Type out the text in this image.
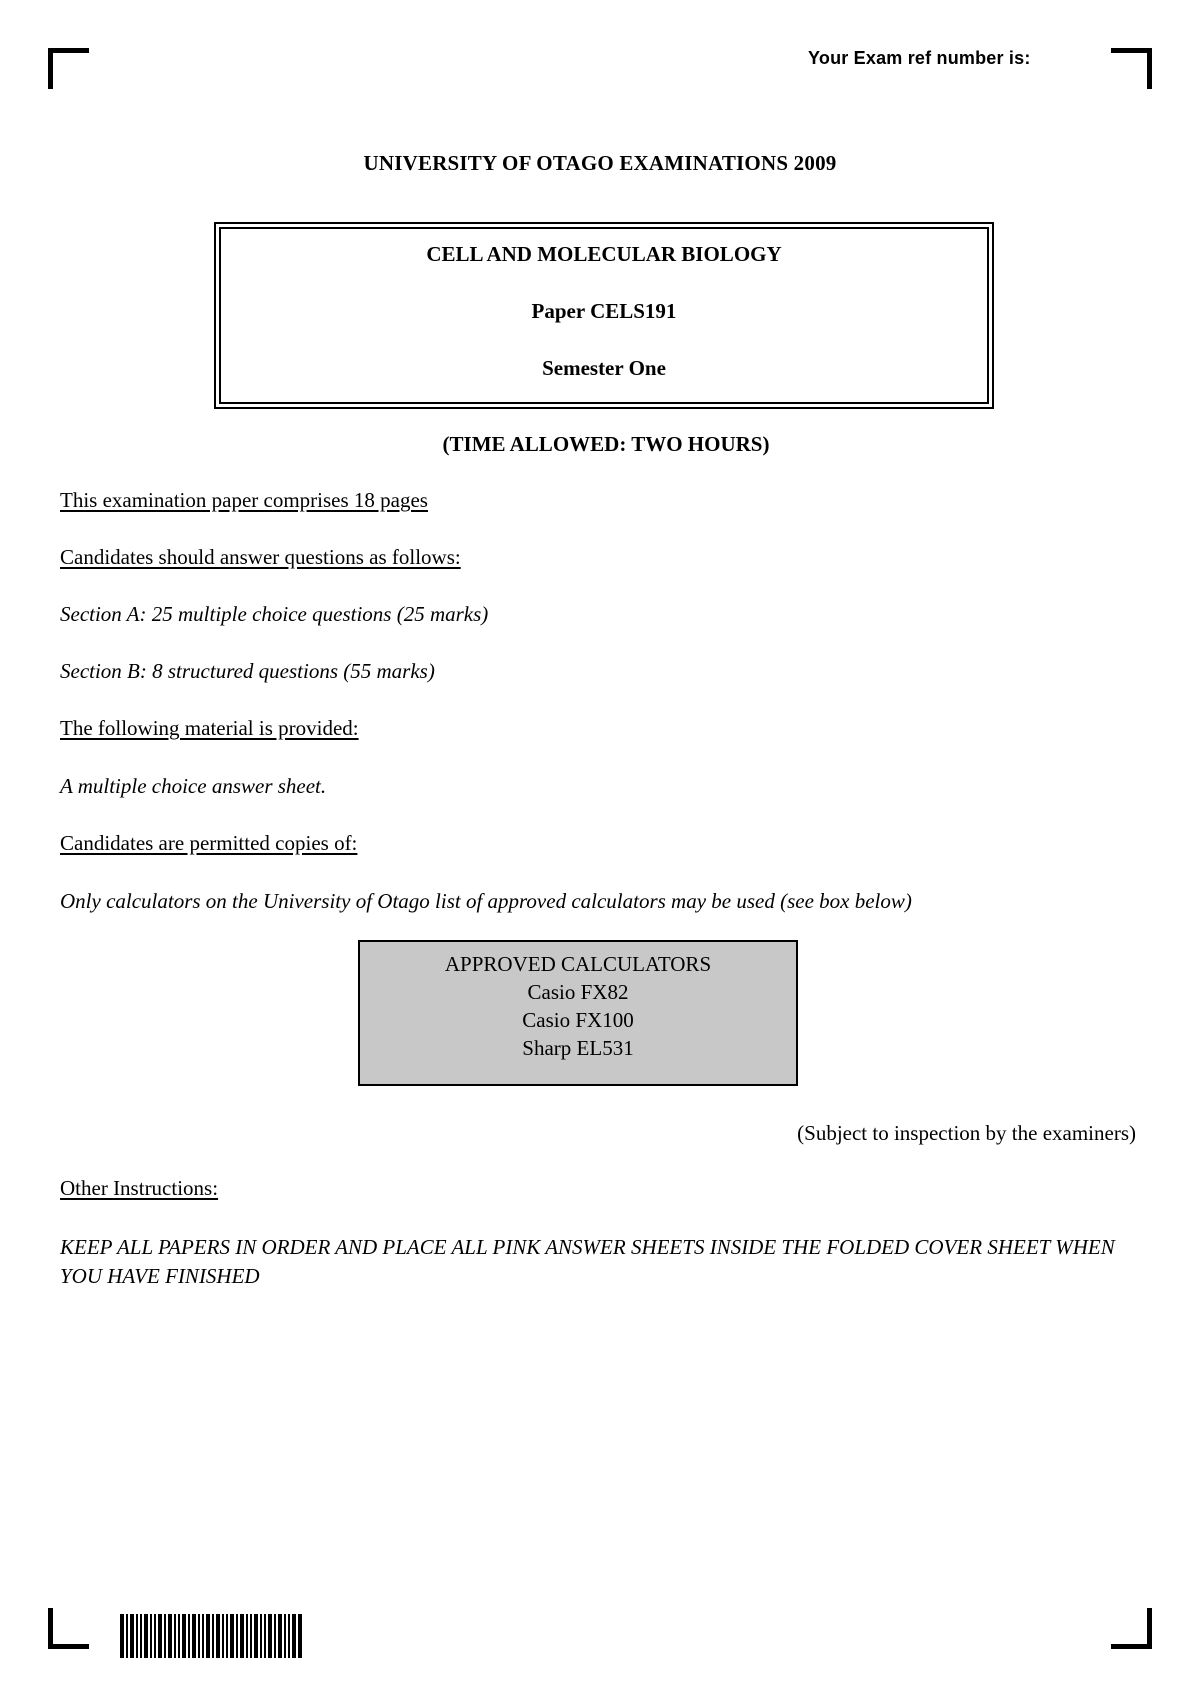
Your Exam ref number is:
UNIVERSITY OF OTAGO EXAMINATIONS 2009
CELL AND MOLECULAR BIOLOGY
Paper CELS191
Semester One
(TIME ALLOWED: TWO HOURS)
This examination paper comprises 18 pages
Candidates should answer questions as follows:
Section A: 25 multiple choice questions (25 marks)
Section B: 8 structured questions (55 marks)
The following material is provided:
A multiple choice answer sheet.
Candidates are permitted copies of:
Only calculators on the University of Otago list of approved calculators may be used (see box below)
APPROVED CALCULATORS
Casio FX82
Casio FX100
Sharp EL531
(Subject to inspection by the examiners)
Other Instructions:
KEEP ALL PAPERS IN ORDER AND PLACE ALL PINK ANSWER SHEETS INSIDE THE FOLDED COVER SHEET WHEN YOU HAVE FINISHED
